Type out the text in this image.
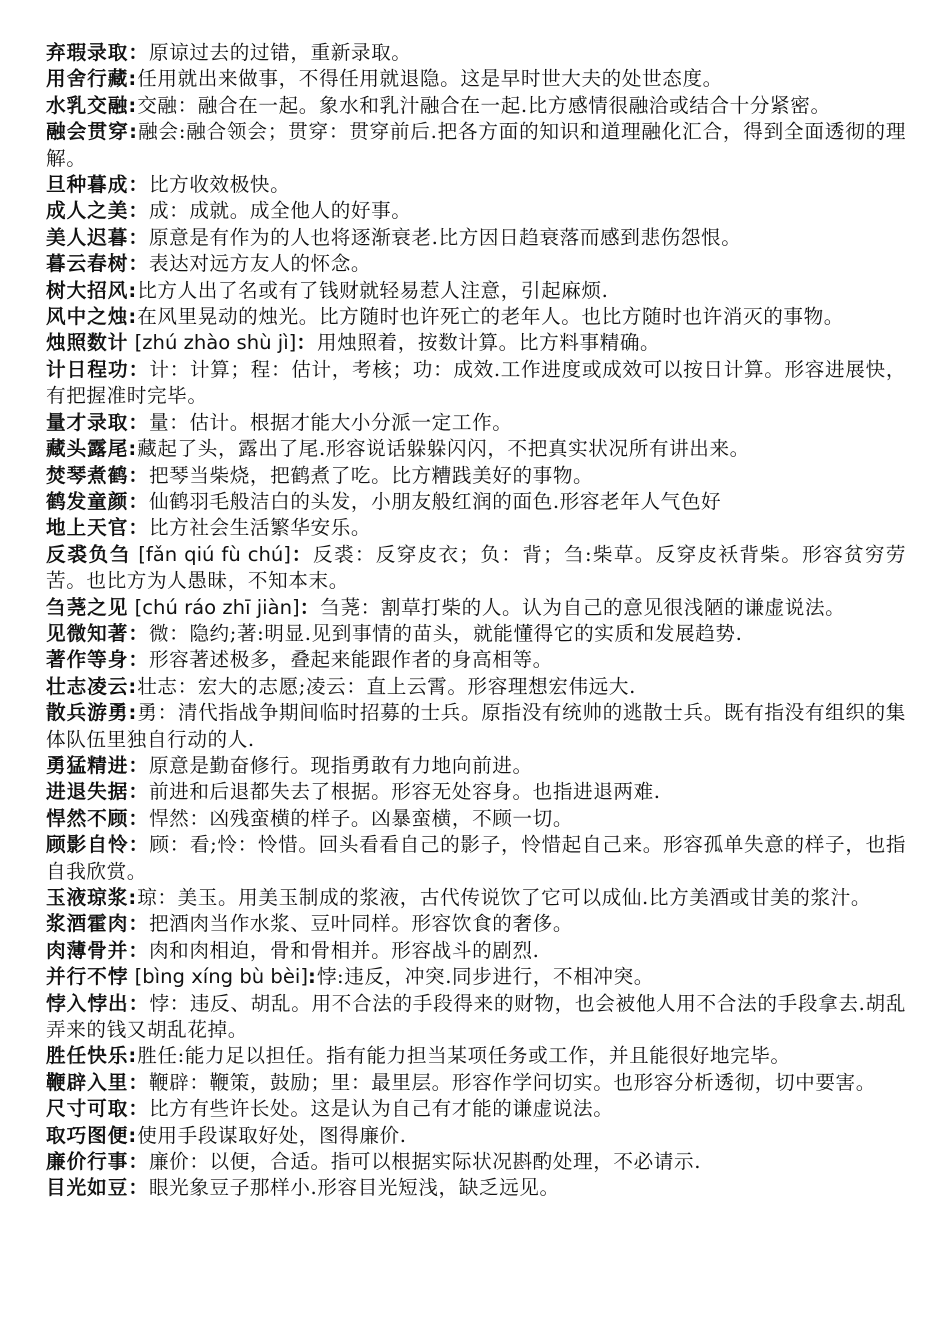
弃瑕录取：原谅过去的过错，重新录取。

用舍行藏:任用就出来做事，不得任用就退隐。这是早时世大夫的处世态度。

水乳交融:交融：融合在一起。象水和乳汁融合在一起.比方感情很融洽或结合十分紧密。

融会贯穿:融会:融合领会；贯穿：贯穿前后.把各方面的知识和道理融化汇合，得到全面透彻的理解。

旦种暮成：比方收效极快。

成人之美：成：成就。成全他人的好事。

美人迟暮：原意是有作为的人也将逐渐衰老.比方因日趋衰落而感到悲伤怨恨。

暮云春树：表达对远方友人的怀念。

树大招风:比方人出了名或有了钱财就轻易惹人注意，引起麻烦.

风中之烛:在风里晃动的烛光。比方随时也许死亡的老年人。也比方随时也许消灭的事物。

烛照数计 [zhú zhào shù jì]：用烛照着，按数计算。比方料事精确。

计日程功：计：计算；程：估计，考核；功：成效.工作进度或成效可以按日计算。形容进展快，有把握准时完毕。

量才录取：量：估计。根据才能大小分派一定工作。

藏头露尾:藏起了头，露出了尾.形容说话躲躲闪闪，不把真实状况所有讲出来。

焚琴煮鹤：把琴当柴烧，把鹤煮了吃。比方糟践美好的事物。

鹤发童颜：仙鹤羽毛般洁白的头发，小朋友般红润的面色.形容老年人气色好

地上天官：比方社会生活繁华安乐。

反裘负刍 [fǎn qiú fù chú]：反裘：反穿皮衣；负：背；刍:柴草。反穿皮袄背柴。形容贫穷劳苦。也比方为人愚昧，不知本末。

刍荛之见 [chú ráo zhī jiàn]：刍荛：割草打柴的人。认为自己的意见很浅陋的谦虚说法。

见微知著：微：隐约;著:明显.见到事情的苗头，就能懂得它的实质和发展趋势.

著作等身：形容著述极多，叠起来能跟作者的身高相等。

壮志凌云:壮志：宏大的志愿;凌云：直上云霄。形容理想宏伟远大.

散兵游勇:勇：清代指战争期间临时招募的士兵。原指没有统帅的逃散士兵。既有指没有组织的集体队伍里独自行动的人.

勇猛精进：原意是勤奋修行。现指勇敢有力地向前进。

进退失据：前进和后退都失去了根据。形容无处容身。也指进退两难.

悍然不顾：悍然：凶残蛮横的样子。凶暴蛮横，不顾一切。

顾影自怜：顾：看;怜：怜惜。回头看看自己的影子，怜惜起自己来。形容孤单失意的样子，也指自我欣赏。

玉液琼浆:琼：美玉。用美玉制成的浆液，古代传说饮了它可以成仙.比方美酒或甘美的浆汁。

浆酒霍肉：把酒肉当作水浆、豆叶同样。形容饮食的奢侈。

肉薄骨并：肉和肉相迫，骨和骨相并。形容战斗的剧烈.

并行不悖 [bìng xíng bù bèi]:悖:违反，冲突.同步进行，不相冲突。

悖入悖出：悖：违反、胡乱。用不合法的手段得来的财物，也会被他人用不合法的手段拿去.胡乱弄来的钱又胡乱花掉。

胜任快乐:胜任:能力足以担任。指有能力担当某项任务或工作，并且能很好地完毕。

鞭辟入里：鞭辟：鞭策，鼓励；里：最里层。形容作学问切实。也形容分析透彻，切中要害。

尺寸可取：比方有些许长处。这是认为自己有才能的谦虚说法。

取巧图便:使用手段谋取好处，图得廉价.

廉价行事：廉价：以便，合适。指可以根据实际状况斟酌处理，不必请示.

目光如豆：眼光象豆子那样小.形容目光短浅，缺乏远见。
